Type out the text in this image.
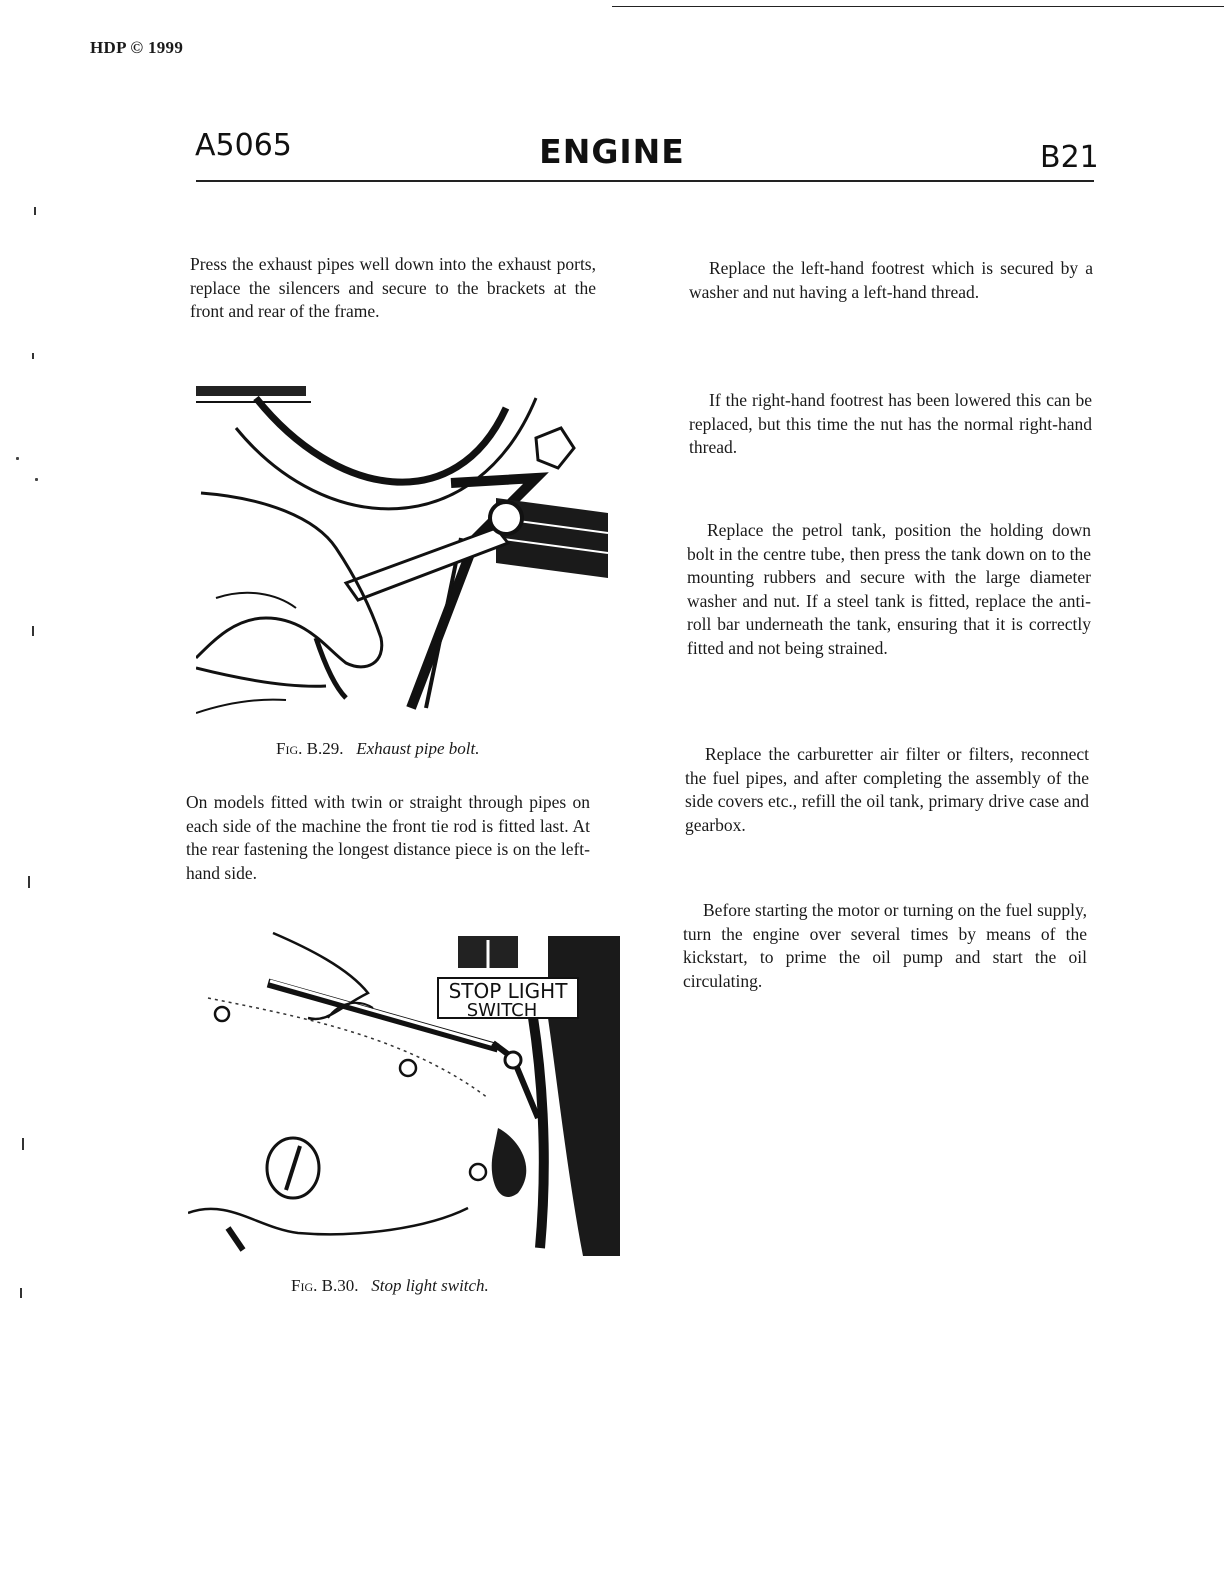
HDP © 1999
A5065	ENGINE	B21
Press the exhaust pipes well down into the exhaust ports, replace the silencers and secure to the brackets at the front and rear of the frame.
Fig. B.29. Exhaust pipe bolt.
On models fitted with twin or straight through pipes on each side of the machine the front tie rod is fitted last. At the rear fastening the longest distance piece is on the left-hand side.
STOP LIGHT
SWITCH
Fig. B.30. Stop light switch.
Replace the left-hand footrest which is secured by a washer and nut having a left-hand thread.
If the right-hand footrest has been lowered this can be replaced, but this time the nut has the normal right-hand thread.
Replace the petrol tank, position the holding down bolt in the centre tube, then press the tank down on to the mounting rubbers and secure with the large diameter washer and nut. If a steel tank is fitted, replace the anti-roll bar underneath the tank, ensuring that it is correctly fitted and not being strained.
Replace the carburetter air filter or filters, reconnect the fuel pipes, and after completing the assembly of the side covers etc., refill the oil tank, primary drive case and gearbox.
Before starting the motor or turning on the fuel supply, turn the engine over several times by means of the kickstart, to prime the oil pump and start the oil circulating.
